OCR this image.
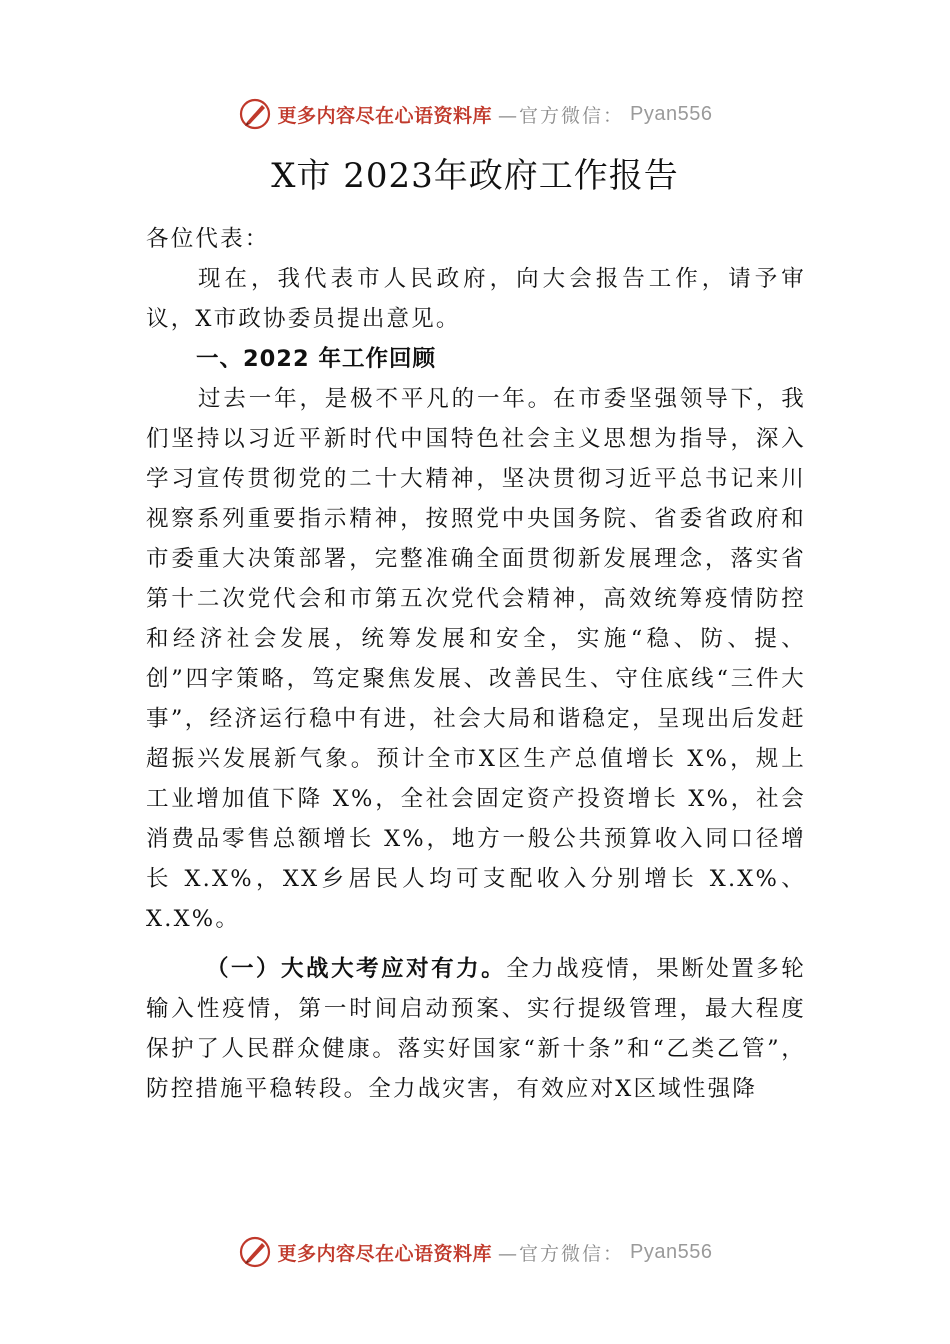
更多内容尽在心语资料库 —官方微信： Pyan556
X市 2023年政府工作报告

各位代表：

现在，我代表市人民政府，向大会报告工作，请予审议，X市政协委员提出意见。

一、2022 年工作回顾

过去一年，是极不平凡的一年。在市委坚强领导下，我们坚持以习近平新时代中国特色社会主义思想为指导，深入学习宣传贯彻党的二十大精神，坚决贯彻习近平总书记来川视察系列重要指示精神，按照党中央国务院、省委省政府和市委重大决策部署，完整准确全面贯彻新发展理念，落实省第十二次党代会和市第五次党代会精神，高效统筹疫情防控和经济社会发展，统筹发展和安全，实施“稳、防、提、创”四字策略，笃定聚焦发展、改善民生、守住底线“三件大事”，经济运行稳中有进，社会大局和谐稳定，呈现出后发赶超振兴发展新气象。预计全市X区生产总值增长 X%，规上工业增加值下降 X%，全社会固定资产投资增长 X%，社会消费品零售总额增长 X%，地方一般公共预算收入同口径增长 X.X%，XX乡居民人均可支配收入分别增长 X.X%、X.X%。

（一）大战大考应对有力。全力战疫情，果断处置多轮输入性疫情，第一时间启动预案、实行提级管理，最大程度保护了人民群众健康。落实好国家“新十条”和“乙类乙管”，防控措施平稳转段。全力战灾害，有效应对X区域性强降

更多内容尽在心语资料库 —官方微信： Pyan556
